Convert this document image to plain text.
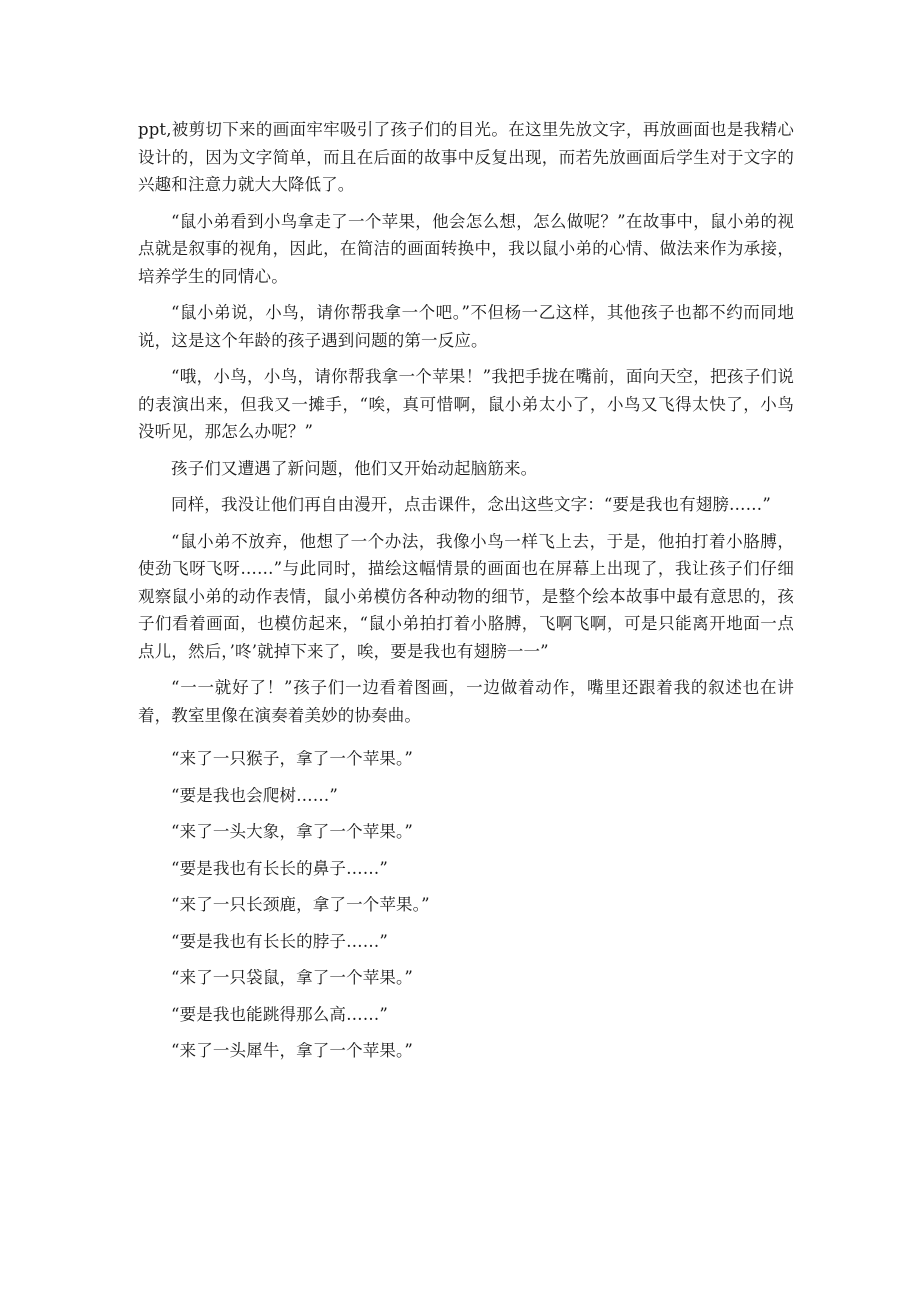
ppt,被剪切下来的画面牢牢吸引了孩子们的目光。在这里先放文字，再放画面也是我精心设计的，因为文字简单，而且在后面的故事中反复出现，而若先放画面后学生对于文字的兴趣和注意力就大大降低了。

“鼠小弟看到小鸟拿走了一个苹果，他会怎么想，怎么做呢？”在故事中，鼠小弟的视点就是叙事的视角，因此，在简洁的画面转换中，我以鼠小弟的心情、做法来作为承接，培养学生的同情心。

“鼠小弟说，小鸟，请你帮我拿一个吧。”不但杨一乙这样，其他孩子也都不约而同地说，这是这个年龄的孩子遇到问题的第一反应。

“哦，小鸟，小鸟，请你帮我拿一个苹果！”我把手拢在嘴前，面向天空，把孩子们说的表演出来，但我又一摊手，“唉，真可惜啊，鼠小弟太小了，小鸟又飞得太快了，小鸟没听见，那怎么办呢？”

孩子们又遭遇了新问题，他们又开始动起脑筋来。

同样，我没让他们再自由漫开，点击课件，念出这些文字：“要是我也有翅膀……”

“鼠小弟不放弃，他想了一个办法，我像小鸟一样飞上去，于是，他拍打着小胳膊，使劲飞呀飞呀……”与此同时，描绘这幅情景的画面也在屏幕上出现了，我让孩子们仔细观察鼠小弟的动作表情，鼠小弟模仿各种动物的细节，是整个绘本故事中最有意思的，孩子们看着画面，也模仿起来，“鼠小弟拍打着小胳膊，飞啊飞啊，可是只能离开地面一点点儿，然后，’咚’就掉下来了，唉，要是我也有翅膀一一”

“一一就好了！”孩子们一边看着图画，一边做着动作，嘴里还跟着我的叙述也在讲着，教室里像在演奏着美妙的协奏曲。

“来了一只猴子，拿了一个苹果。”

“要是我也会爬树……”

“来了一头大象，拿了一个苹果。”

“要是我也有长长的鼻子……”

“来了一只长颈鹿，拿了一个苹果。”

“要是我也有长长的脖子……”

“来了一只袋鼠，拿了一个苹果。”

“要是我也能跳得那么高……”

“来了一头犀牛，拿了一个苹果。”
